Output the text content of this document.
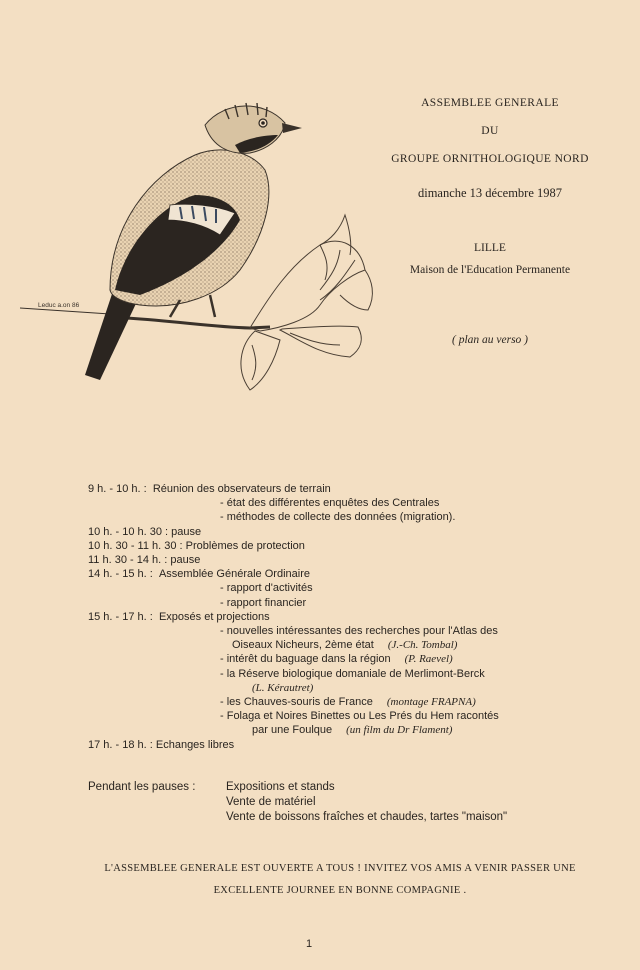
Leduc a.on 86
ASSEMBLEE GENERALE
DU
GROUPE ORNITHOLOGIQUE NORD
dimanche 13 décembre 1987
LILLE
Maison de l'Education Permanente
( plan au verso )
9 h. - 10 h. :
Réunion des observateurs de terrain
- état des différentes enquêtes des Centrales
- méthodes de collecte des données (migration).
10 h. - 10 h. 30 : pause
10 h. 30 - 11 h. 30 : Problèmes de protection
11 h. 30 - 14 h. : pause
14 h. - 15 h. :
Assemblée Générale Ordinaire
- rapport d'activités
- rapport financier
15 h. - 17 h. :
Exposés et projections
- nouvelles intéressantes des recherches pour l'Atlas des
Oiseaux Nicheurs, 2ème état (J.-Ch. Tombal)
- intérêt du baguage dans la région (P. Raevel)
- la Réserve biologique domaniale de Merlimont-Berck
(L. Kérautret)
- les Chauves-souris de France (montage FRAPNA)
- Folaga et Noires Binettes ou Les Prés du Hem racontés
par une Foulque (un film du Dr Flament)
17 h. - 18 h. : Echanges libres
Pendant les pauses :	Expositions et stands
Vente de matériel
Vente de boissons fraîches et chaudes, tartes "maison"
L'ASSEMBLEE GENERALE EST OUVERTE A TOUS ! INVITEZ VOS AMIS A VENIR PASSER UNE
EXCELLENTE JOURNEE EN BONNE COMPAGNIE .
1
